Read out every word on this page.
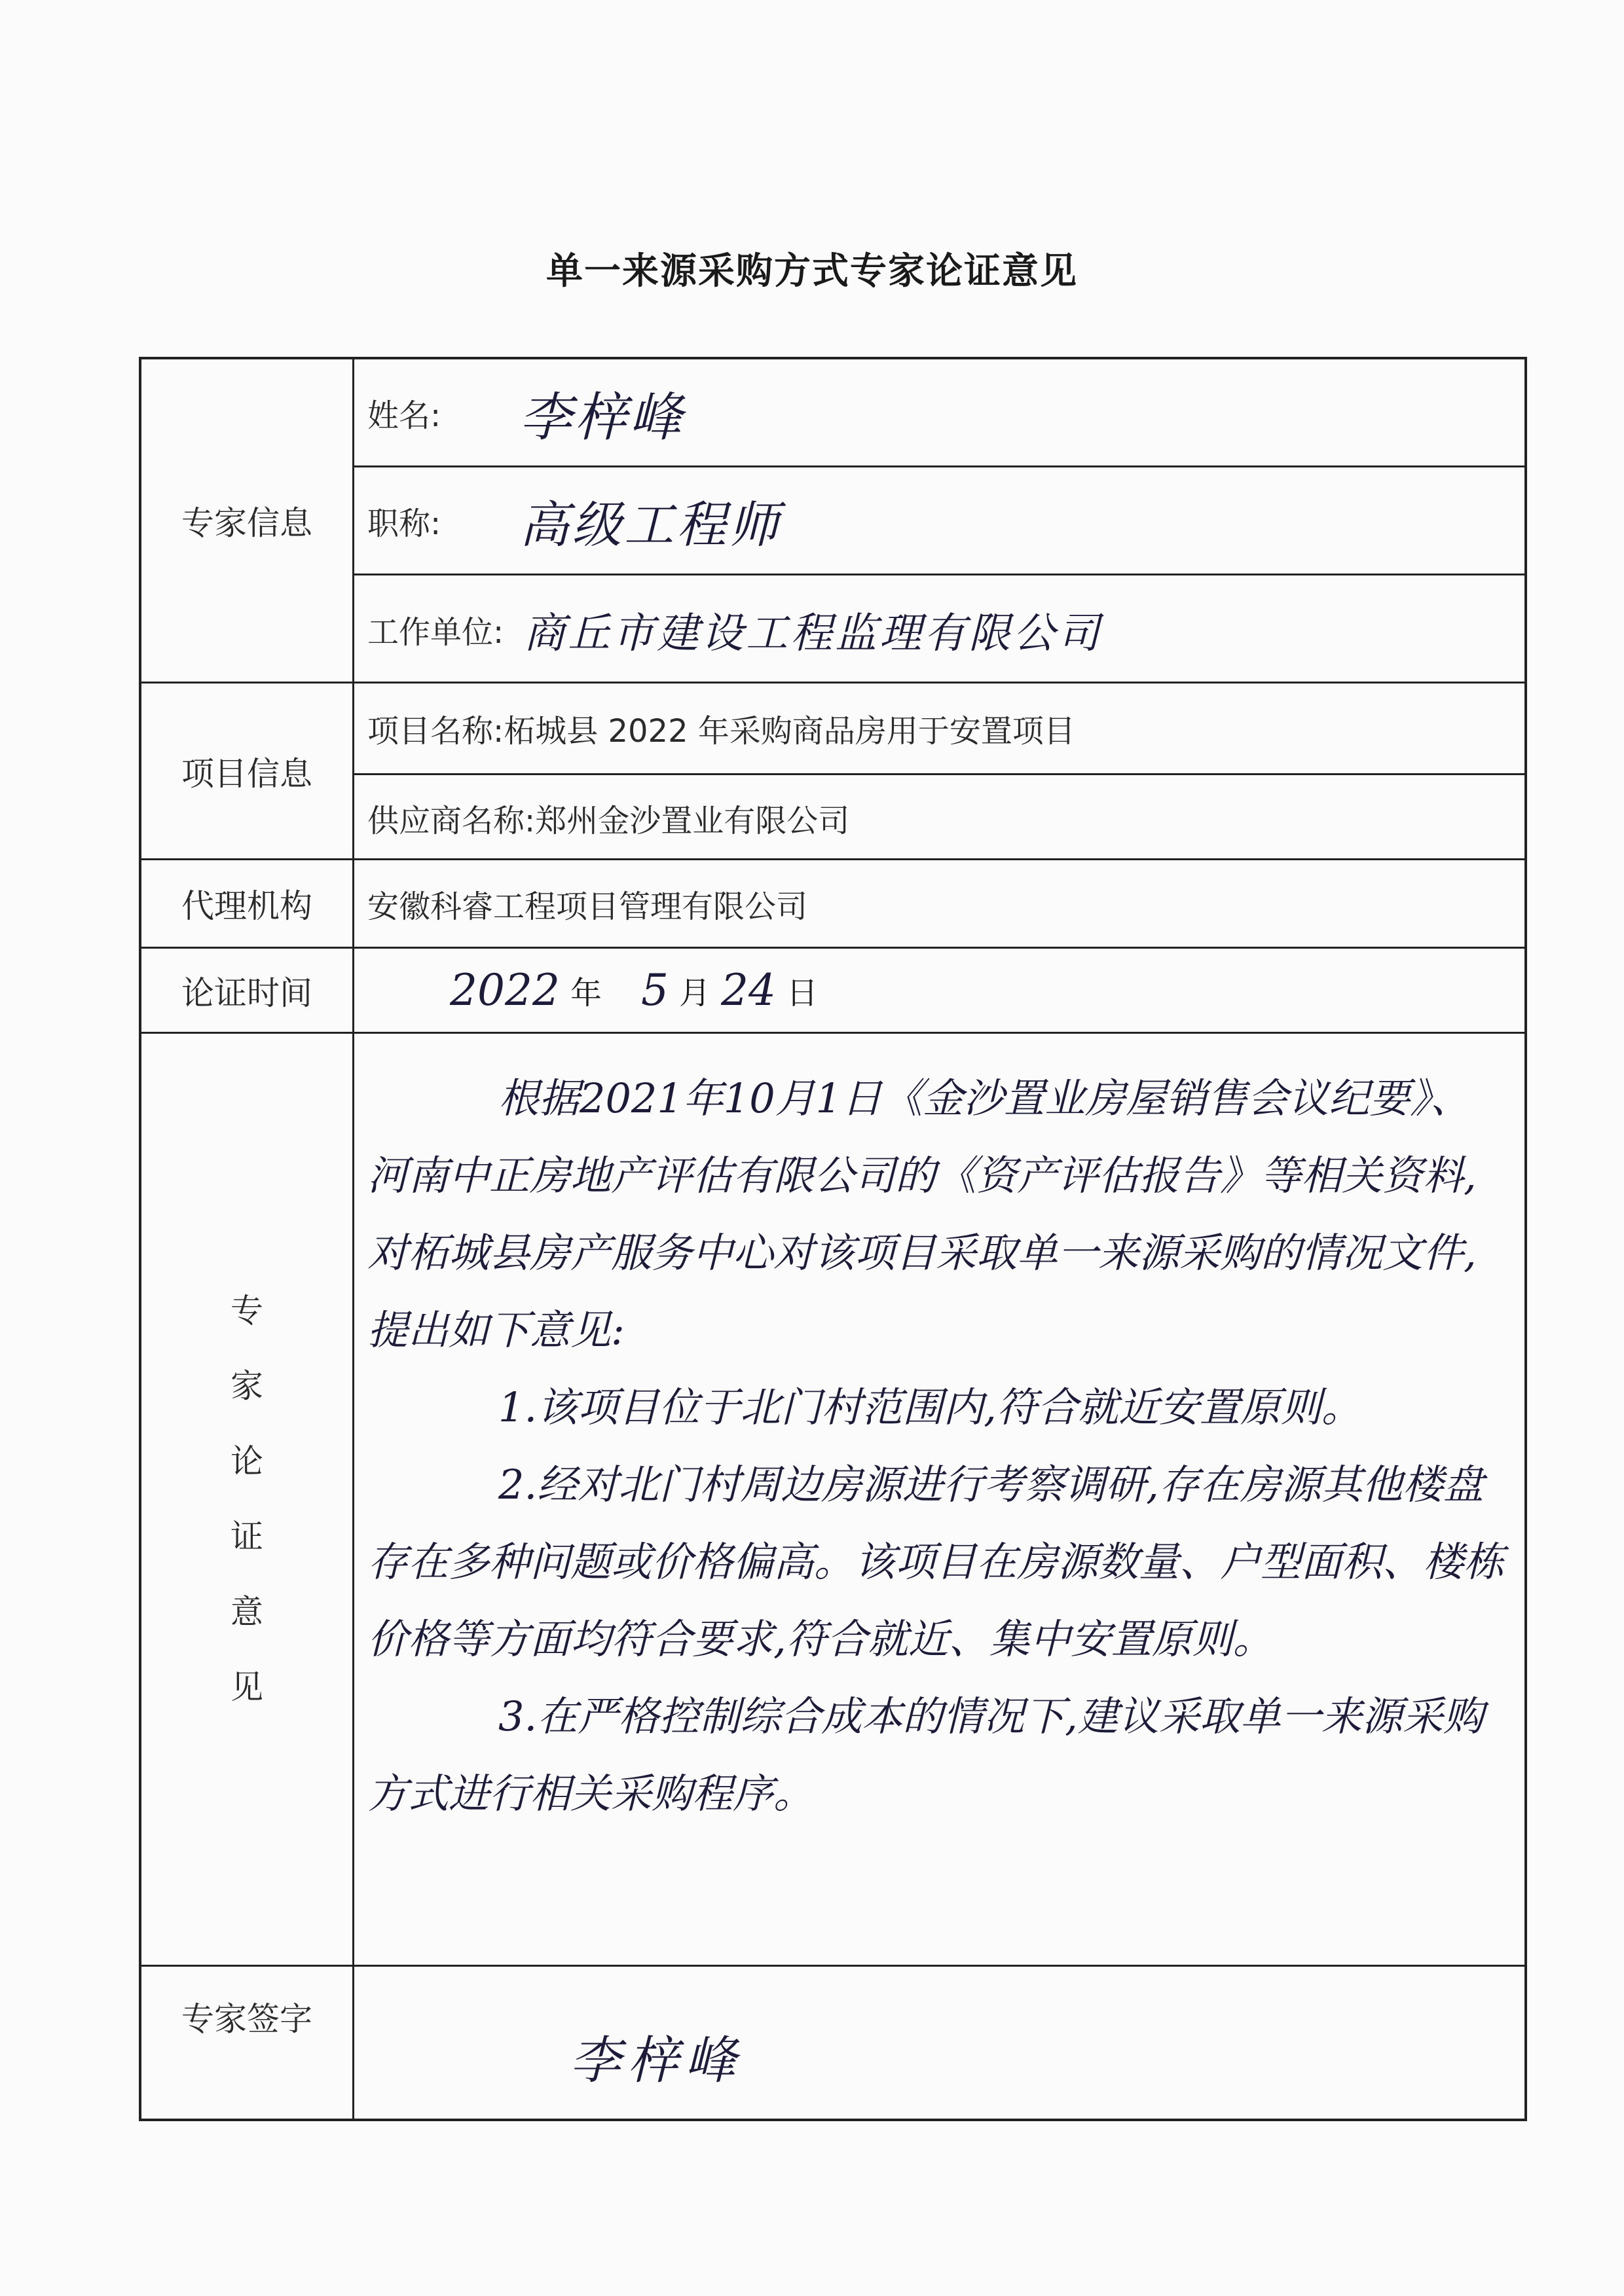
单一来源采购方式专家论证意见
专家信息
姓名: 李梓峰
职称: 高级工程师
工作单位: 商丘市建设工程监理有限公司
项目信息
项目名称: 柘城县 2022 年采购商品房用于安置项目
供应商名称: 郑州金沙置业有限公司
代理机构	安徽科睿工程项目管理有限公司
论证时间	2022 年 5 月 24 日
专
家
论
证
意
见

根据2021年10月1日《金沙置业房屋销售会议纪要》、河南中正房地产评估有限公司的《资产评估报告》等相关资料,对柘城县房产服务中心对该项目采取单一来源采购的情况文件,提出如下意见:

1.该项目位于北门村范围内,符合就近安置原则。

2.经对北门村周边房源进行考察调研,存在房源其他楼盘存在多种问题或价格偏高。该项目在房源数量、户型面积、楼栋价格等方面均符合要求,符合就近、集中安置原则。

3.在严格控制综合成本的情况下,建议采取单一来源采购方式进行相关采购程序。

专家签字
李梓峰
